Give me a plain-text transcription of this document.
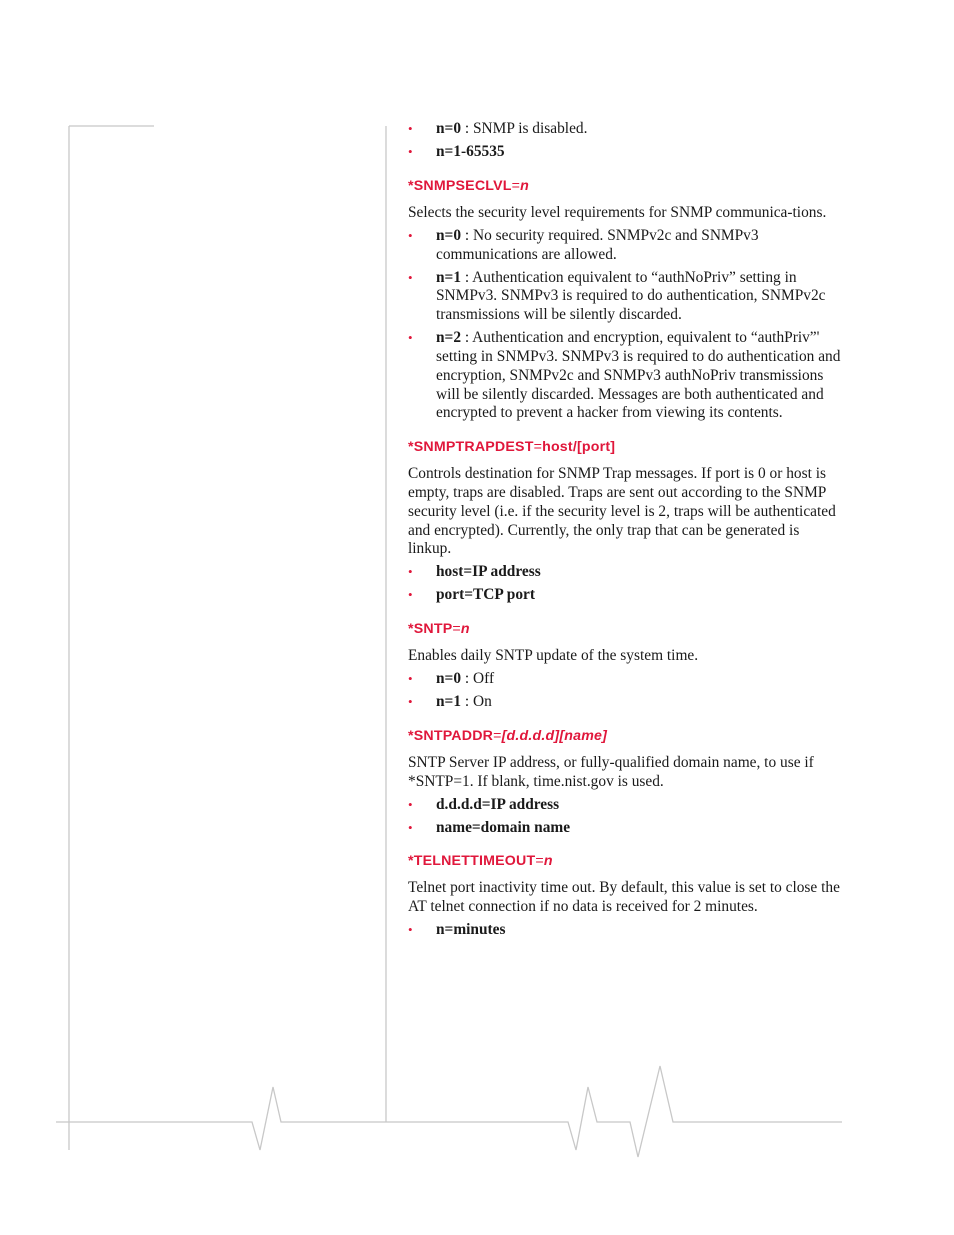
• n=0 : SNMP is disabled.
• n=1-65535
*SNMPSECLVL=n

Selects the security level requirements for SNMP communica-tions.

• n=0 : No security required. SNMPv2c and SNMPv3 communications are allowed.
• n=1 : Authentication equivalent to “authNoPriv” setting in SNMPv3. SNMPv3 is required to do authentication, SNMPv2c transmissions will be silently discarded.
• n=2 : Authentication and encryption, equivalent to “authPriv”' setting in SNMPv3. SNMPv3 is required to do authentication and encryption, SNMPv2c and SNMPv3 authNoPriv transmissions will be silently discarded. Messages are both authenticated and encrypted to prevent a hacker from viewing its contents.
*SNMPTRAPDEST=host/[port]

Controls destination for SNMP Trap messages. If port is 0 or host is empty, traps are disabled. Traps are sent out according to the SNMP security level (i.e. if the security level is 2, traps will be authenticated and encrypted). Currently, the only trap that can be generated is linkup.

• host=IP address
• port=TCP port
*SNTP=n

Enables daily SNTP update of the system time.

• n=0 : Off
• n=1 : On
*SNTPADDR=[d.d.d.d][name]

SNTP Server IP address, or fully-qualified domain name, to use if *SNTP=1. If blank, time.nist.gov is used.

• d.d.d.d=IP address
• name=domain name
*TELNETTIMEOUT=n

Telnet port inactivity time out. By default, this value is set to close the AT telnet connection if no data is received for 2 minutes.

• n=minutes
